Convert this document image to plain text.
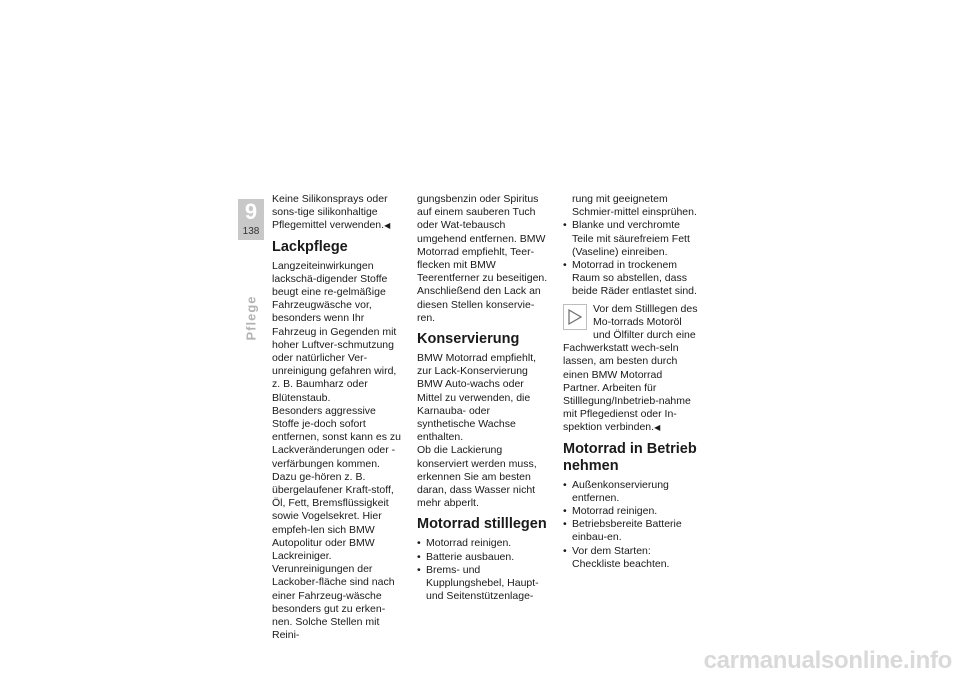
9
138
Pflege

Keine Silikonsprays oder sons-tige silikonhaltige Pflegemittel verwenden.◀

Lackpflege

Langzeiteinwirkungen lackschä-digender Stoffe beugt eine re-gelmäßige Fahrzeugwäsche vor, besonders wenn Ihr Fahrzeug in Gegenden mit hoher Luftver-schmutzung oder natürlicher Ver-unreinigung gefahren wird, z. B. Baumharz oder Blütenstaub.

Besonders aggressive Stoffe je-doch sofort entfernen, sonst kann es zu Lackveränderungen oder -verfärbungen kommen. Dazu ge-hören z. B. übergelaufener Kraft-stoff, Öl, Fett, Bremsflüssigkeit sowie Vogelsekret. Hier empfeh-len sich BMW Autopolitur oder BMW Lackreiniger.

Verunreinigungen der Lackober-fläche sind nach einer Fahrzeug-wäsche besonders gut zu erken-nen. Solche Stellen mit Reini-

gungsbenzin oder Spiritus auf einem sauberen Tuch oder Wat-tebausch umgehend entfernen. BMW Motorrad empfiehlt, Teer-flecken mit BMW Teerentferner zu beseitigen. Anschließend den Lack an diesen Stellen konservie-ren.

Konservierung

BMW Motorrad empfiehlt, zur Lack-Konservierung BMW Auto-wachs oder Mittel zu verwenden, die Karnauba- oder synthetische Wachse enthalten.

Ob die Lackierung konserviert werden muss, erkennen Sie am besten daran, dass Wasser nicht mehr abperlt.

Motorrad stilllegen
• Motorrad reinigen.
• Batterie ausbauen.
• Brems- und Kupplungshebel, Haupt- und Seitenstützenlage-
rung mit geeignetem Schmier-mittel einsprühen.
• Blanke und verchromte Teile mit säurefreiem Fett (Vaseline) einreiben.
• Motorrad in trockenem Raum so abstellen, dass beide Räder entlastet sind.

Vor dem Stilllegen des Mo-torrads Motoröl und Ölfilter durch eine Fachwerkstatt wech-seln lassen, am besten durch einen BMW Motorrad Partner. Arbeiten für Stilllegung/Inbetrieb-nahme mit Pflegedienst oder In-spektion verbinden.◀

Motorrad in Betrieb nehmen
• Außenkonservierung entfernen.
• Motorrad reinigen.
• Betriebsbereite Batterie einbau-en.
• Vor dem Starten: Checkliste beachten.
carmanualsonline.info
